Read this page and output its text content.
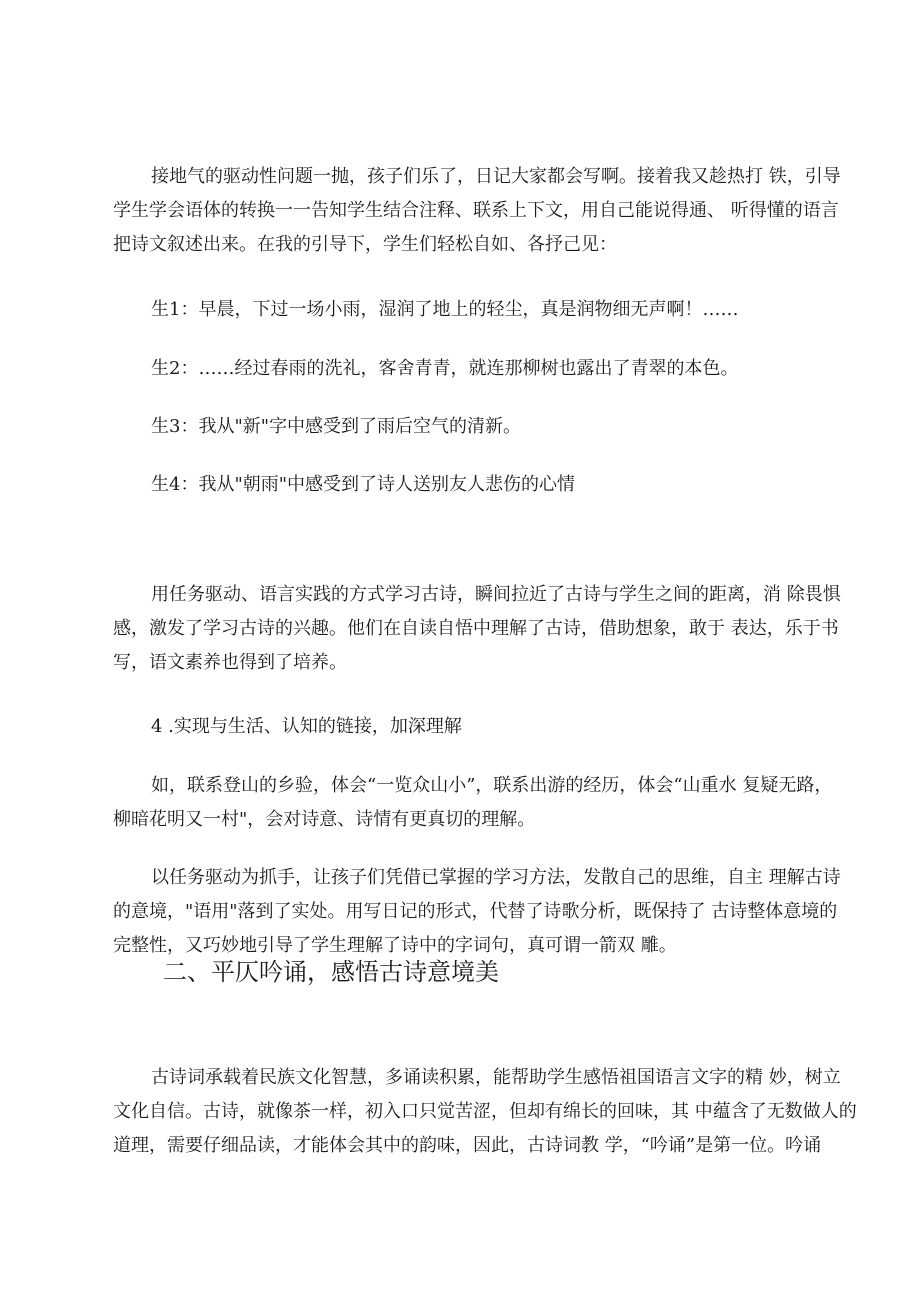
接地气的驱动性问题一抛，孩子们乐了，日记大家都会写啊。接着我又趁热打 铁，引导
学生学会语体的转换一一告知学生结合注释、联系上下文，用自己能说得通、 听得懂的语言
把诗文叙述出来。在我的引导下，学生们轻松自如、各抒己见：
生1：早晨，下过一场小雨，湿润了地上的轻尘，真是润物细无声啊！……
生2：……经过春雨的洗礼，客舍青青，就连那柳树也露出了青翠的本色。
生3：我从"新"字中感受到了雨后空气的清新。
生4：我从"朝雨"中感受到了诗人送别友人悲伤的心情
用任务驱动、语言实践的方式学习古诗，瞬间拉近了古诗与学生之间的距离，消 除畏惧
感，激发了学习古诗的兴趣。他们在自读自悟中理解了古诗，借助想象，敢于 表达，乐于书
写，语文素养也得到了培养。
4 .实现与生活、认知的链接，加深理解
如，联系登山的乡验，体会“一览众山小”，联系出游的经历，体会“山重水 复疑无路，
柳暗花明又一村"，会对诗意、诗情有更真切的理解。
以任务驱动为抓手，让孩子们凭借已掌握的学习方法，发散自己的思维，自主 理解古诗
的意境，"语用"落到了实处。用写日记的形式，代替了诗歌分析，既保持了 古诗整体意境的
完整性，又巧妙地引导了学生理解了诗中的字词句，真可谓一箭双 雕。
二、平仄吟诵，感悟古诗意境美
古诗词承载着民族文化智慧，多诵读积累，能帮助学生感悟祖国语言文字的精 妙，树立
文化自信。古诗，就像茶一样，初入口只觉苦涩，但却有绵长的回味，其 中蕴含了无数做人的
道理，需要仔细品读，才能体会其中的韵味，因此，古诗词教 学，“吟诵”是第一位。吟诵
